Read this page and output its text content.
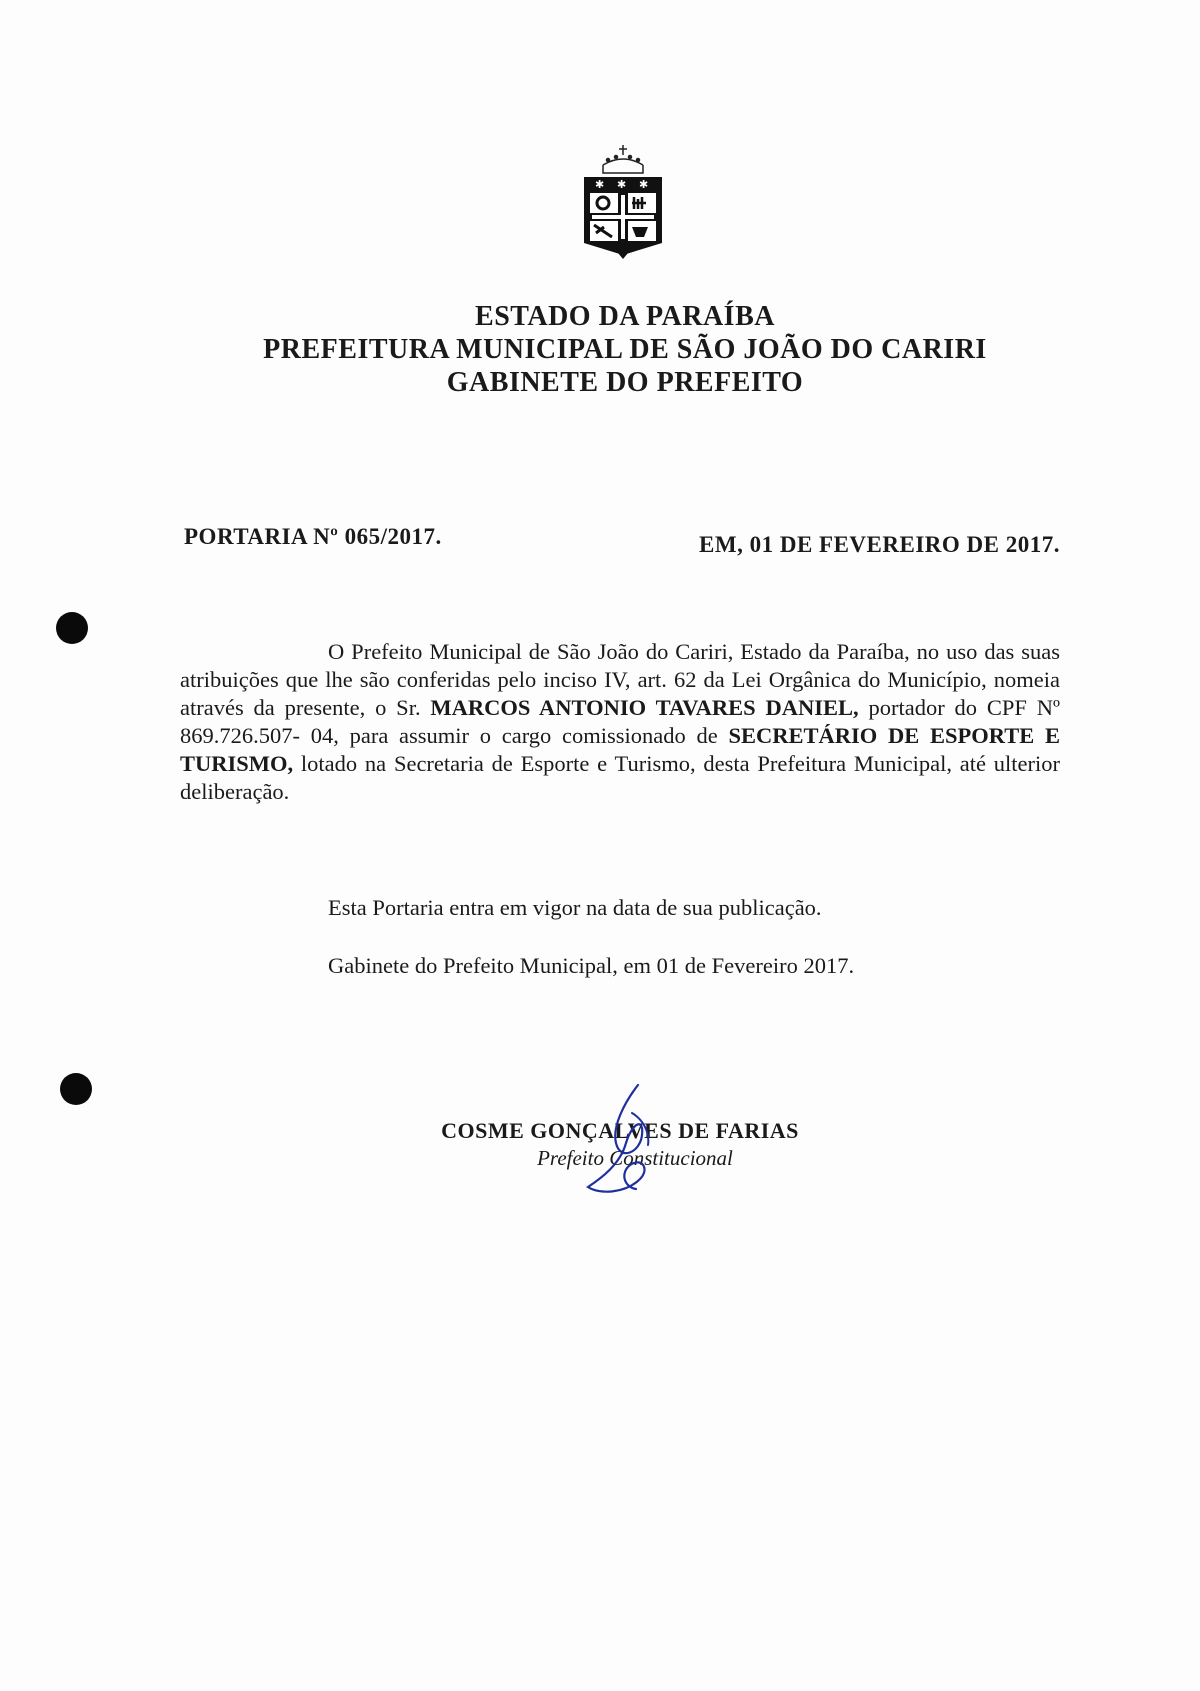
✱ ✱ ✱
ESTADO DA PARAÍBA
PREFEITURA MUNICIPAL DE SÃO JOÃO DO CARIRI
GABINETE DO PREFEITO
PORTARIA Nº 065/2017.	EM, 01 DE FEVEREIRO DE 2017.
O Prefeito Municipal de São João do Cariri, Estado da Paraíba, no uso das suas atribuições que lhe são conferidas pelo inciso IV, art. 62 da Lei Orgânica do Município, nomeia através da presente, o Sr. MARCOS ANTONIO TAVARES DANIEL, portador do CPF Nº 869.726.507- 04, para assumir o cargo comissionado de SECRETÁRIO DE ESPORTE E TURISMO, lotado na Secretaria de Esporte e Turismo, desta Prefeitura Municipal, até ulterior deliberação.
Esta Portaria entra em vigor na data de sua publicação.
Gabinete do Prefeito Municipal, em 01 de Fevereiro 2017.
COSME GONÇALVES DE FARIAS
Prefeito Constitucional
